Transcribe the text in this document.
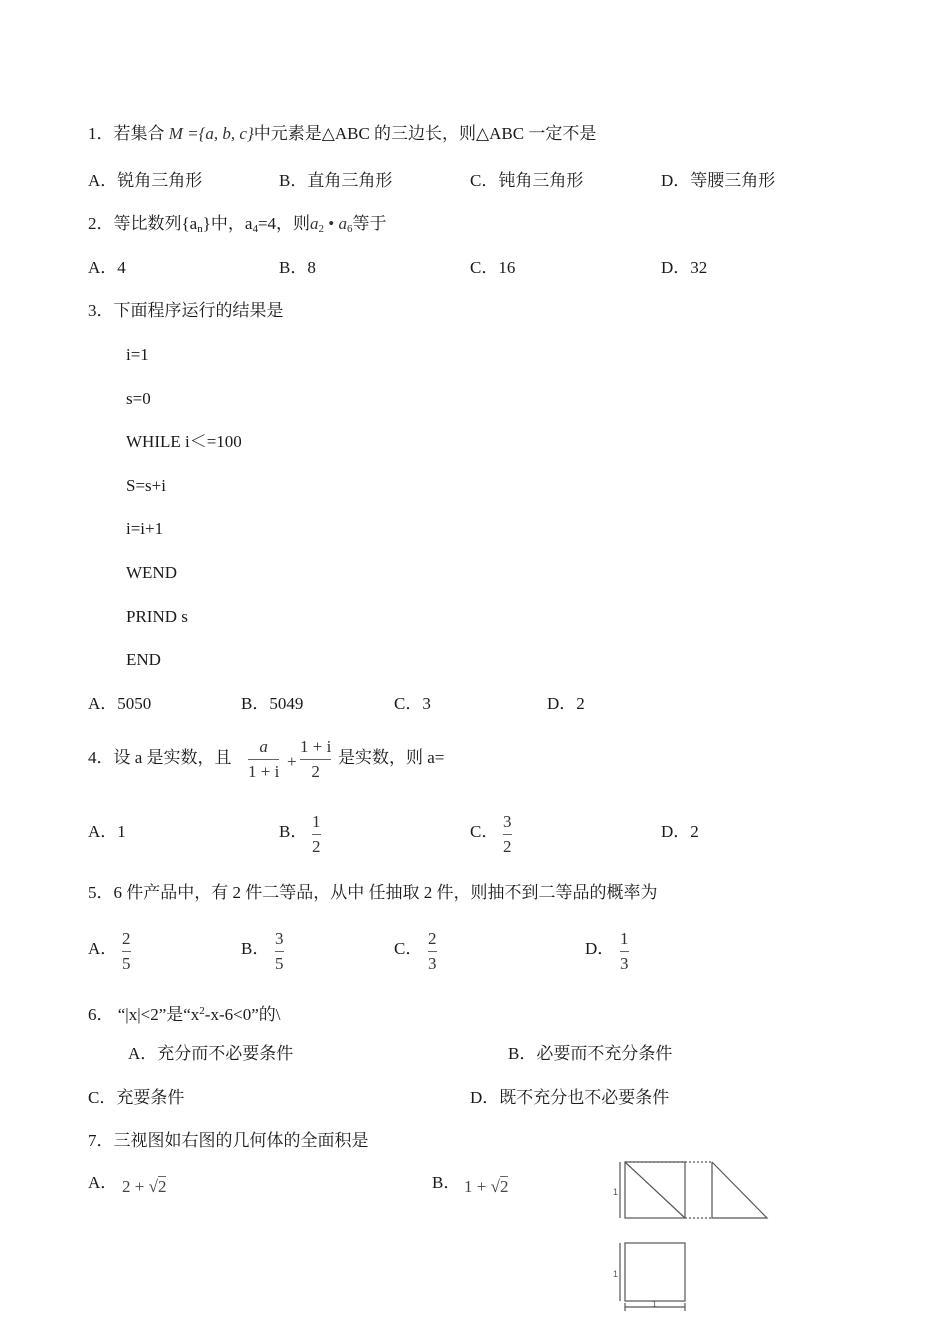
1．若集合 M ={a, b, c}中元素是△ABC 的三边长，则△ABC 一定不是
A．锐角三角形	B．直角三角形	C．钝角三角形	D．等腰三角形
2．等比数列$\{a_n\}$中，$a_4=4$，则$a_2$ • $a_6$等于
A．4	B．8	C．16	D．32
3．下面程序运行的结果是
i=1
s=0
WHILE i＜=100
S=s+i
i=i+1
WEND
PRIND s
END
A．5050	B．5049	C．3	D．2
4．设 a 是实数，且
a
1 + i
+
1 + i
2
是实数，则 a=
A．1	B．
1
2
C．
3
2
D．2
5．6 件产品中，有 2 件二等品，从中 任抽取 2 件，则抽不到二等品的概率为
A．
2
5
B．
3
5
C．
2
3
D．
1
3
6． “|x|<2”是“$x^2-x-6<0$”的\
A．充分而不必要条件	B．必要而不充分条件
C．充要条件	D．既不充分也不必要条件
7．三视图如右图的几何体的全面积是
A． 2 + √2	B． 1 + √2	1
1
1
